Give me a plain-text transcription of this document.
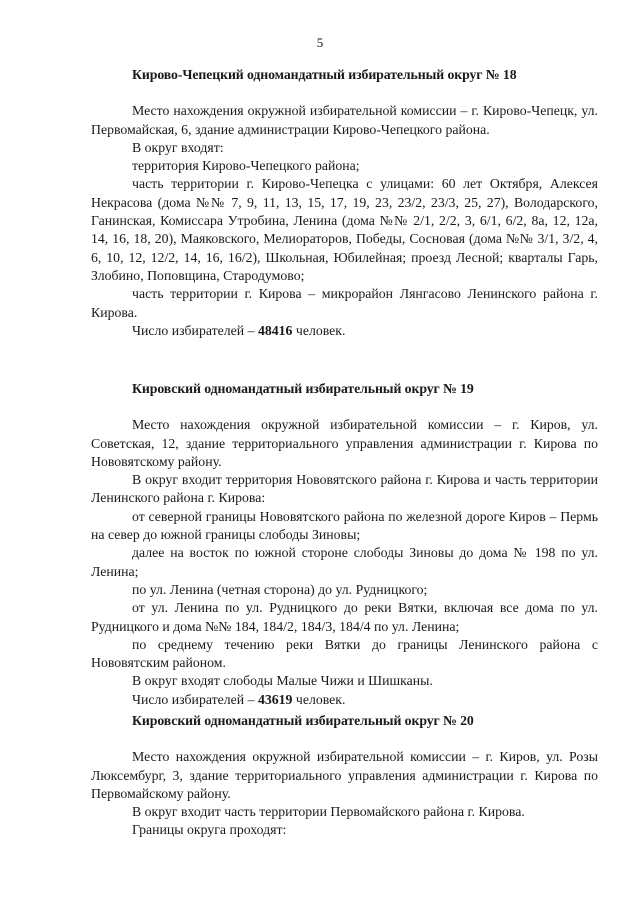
5
Кирово-Чепецкий одномандатный избирательный округ № 18

Место нахождения окружной избирательной комиссии – г. Кирово-Чепецк, ул. Первомайская, 6, здание администрации Кирово-Чепецкого района.

В округ входят:

территория Кирово-Чепецкого района;

часть территории г. Кирово-Чепецка с улицами: 60 лет Октября, Алексея Некрасова (дома №№ 7, 9, 11, 13, 15, 17, 19, 23, 23/2, 23/3, 25, 27), Володарского, Ганинская, Комиссара Утробина, Ленина (дома №№ 2/1, 2/2, 3, 6/1, 6/2, 8а, 12, 12а, 14, 16, 18, 20), Маяковского, Мелиораторов, Победы, Сосновая (дома №№ 3/1, 3/2, 4, 6, 10, 12, 12/2, 14, 16, 16/2), Школьная, Юбилейная; проезд Лесной; кварталы Гарь, Злобино, Поповщина, Стародумово;

часть территории г. Кирова – микрорайон Лянгасово Ленинского района г. Кирова.

Число избирателей – 48416 человек.

Кировский одномандатный избирательный округ № 19

Место нахождения окружной избирательной комиссии – г. Киров, ул. Советская, 12, здание территориального управления администрации г. Кирова по Нововятскому району.

В округ входит территория Нововятского района г. Кирова и часть территории Ленинского района г. Кирова:

от северной границы Нововятского района по железной дороге Киров – Пермь на север до южной границы слободы Зиновы;

далее на восток по южной стороне слободы Зиновы до дома № 198 по ул. Ленина;

по ул. Ленина (четная сторона) до ул. Рудницкого;

от ул. Ленина по ул. Рудницкого до реки Вятки, включая все дома по ул. Рудницкого и дома №№ 184, 184/2, 184/3, 184/4 по ул. Ленина;

по среднему течению реки Вятки до границы Ленинского района с Нововятским районом.

В округ входят слободы Малые Чижи и Шишканы.

Число избирателей – 43619 человек.

Кировский одномандатный избирательный округ № 20

Место нахождения окружной избирательной комиссии – г. Киров, ул. Розы Люксембург, 3, здание территориального управления администрации г. Кирова по Первомайскому району.

В округ входит часть территории Первомайского района г. Кирова.

Границы округа проходят:
